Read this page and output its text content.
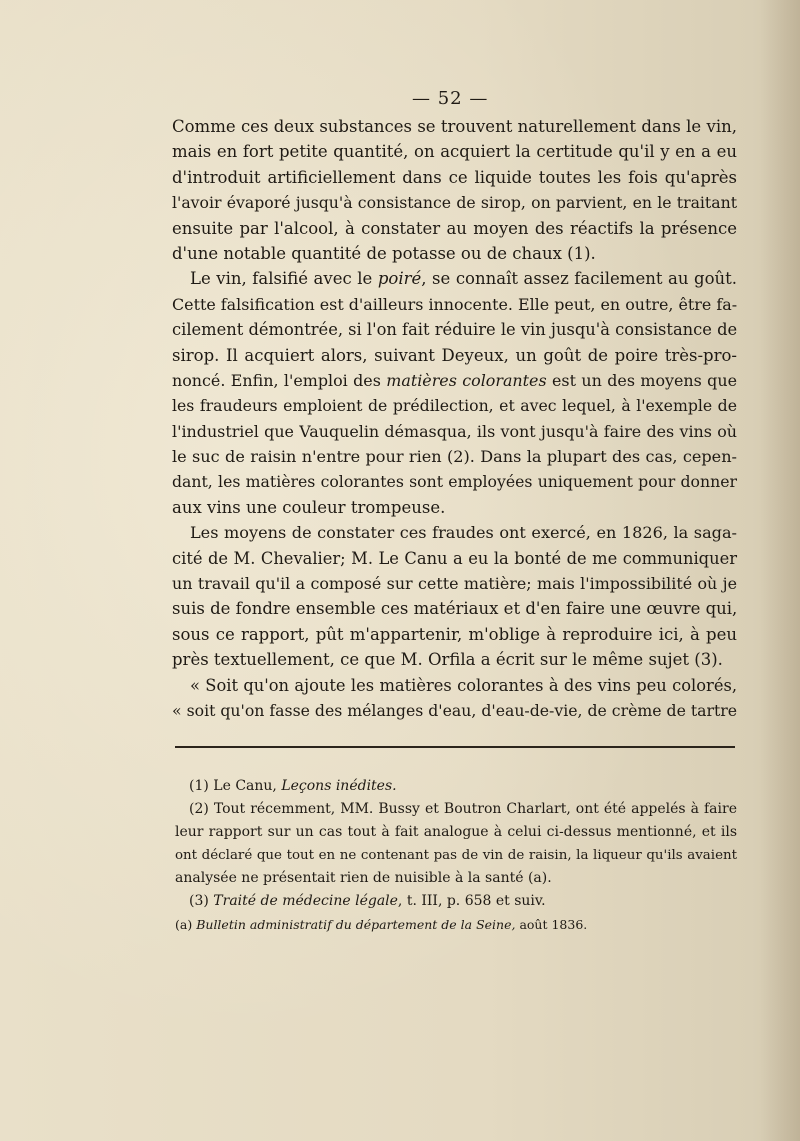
— 52 —
Comme ces deux substances se trouvent naturellement dans le vin,
mais en fort petite quantité, on acquiert la certitude qu'il y en a eu
d'introduit artificiellement dans ce liquide toutes les fois qu'après
l'avoir évaporé jusqu'à consistance de sirop, on parvient, en le traitant
ensuite par l'alcool, à constater au moyen des réactifs la présence
d'une notable quantité de potasse ou de chaux (1).
Le vin, falsifié avec le poiré, se connaît assez facilement au goût.
Cette falsification est d'ailleurs innocente. Elle peut, en outre, être fa-
cilement démontrée, si l'on fait réduire le vin jusqu'à consistance de
sirop. Il acquiert alors, suivant Deyeux, un goût de poire très-pro-
noncé. Enfin, l'emploi des matières colorantes est un des moyens que
les fraudeurs emploient de prédilection, et avec lequel, à l'exemple de
l'industriel que Vauquelin démasqua, ils vont jusqu'à faire des vins où
le suc de raisin n'entre pour rien (2). Dans la plupart des cas, cepen-
dant, les matières colorantes sont employées uniquement pour donner
aux vins une couleur trompeuse.
Les moyens de constater ces fraudes ont exercé, en 1826, la saga-
cité de M. Chevalier; M. Le Canu a eu la bonté de me communiquer
un travail qu'il a composé sur cette matière; mais l'impossibilité où je
suis de fondre ensemble ces matériaux et d'en faire une œuvre qui,
sous ce rapport, pût m'appartenir, m'oblige à reproduire ici, à peu
près textuellement, ce que M. Orfila a écrit sur le même sujet (3).
« Soit qu'on ajoute les matières colorantes à des vins peu colorés,
« soit qu'on fasse des mélanges d'eau, d'eau-de-vie, de crème de tartre
(1) Le Canu, Leçons inédites.
(2) Tout récemment, MM. Bussy et Boutron Charlart, ont été appelés à faire
leur rapport sur un cas tout à fait analogue à celui ci-dessus mentionné, et ils
ont déclaré que tout en ne contenant pas de vin de raisin, la liqueur qu'ils avaient
analysée ne présentait rien de nuisible à la santé (a).
(3) Traité de médecine légale, t. III, p. 658 et suiv.
(a) Bulletin administratif du département de la Seine, août 1836.
